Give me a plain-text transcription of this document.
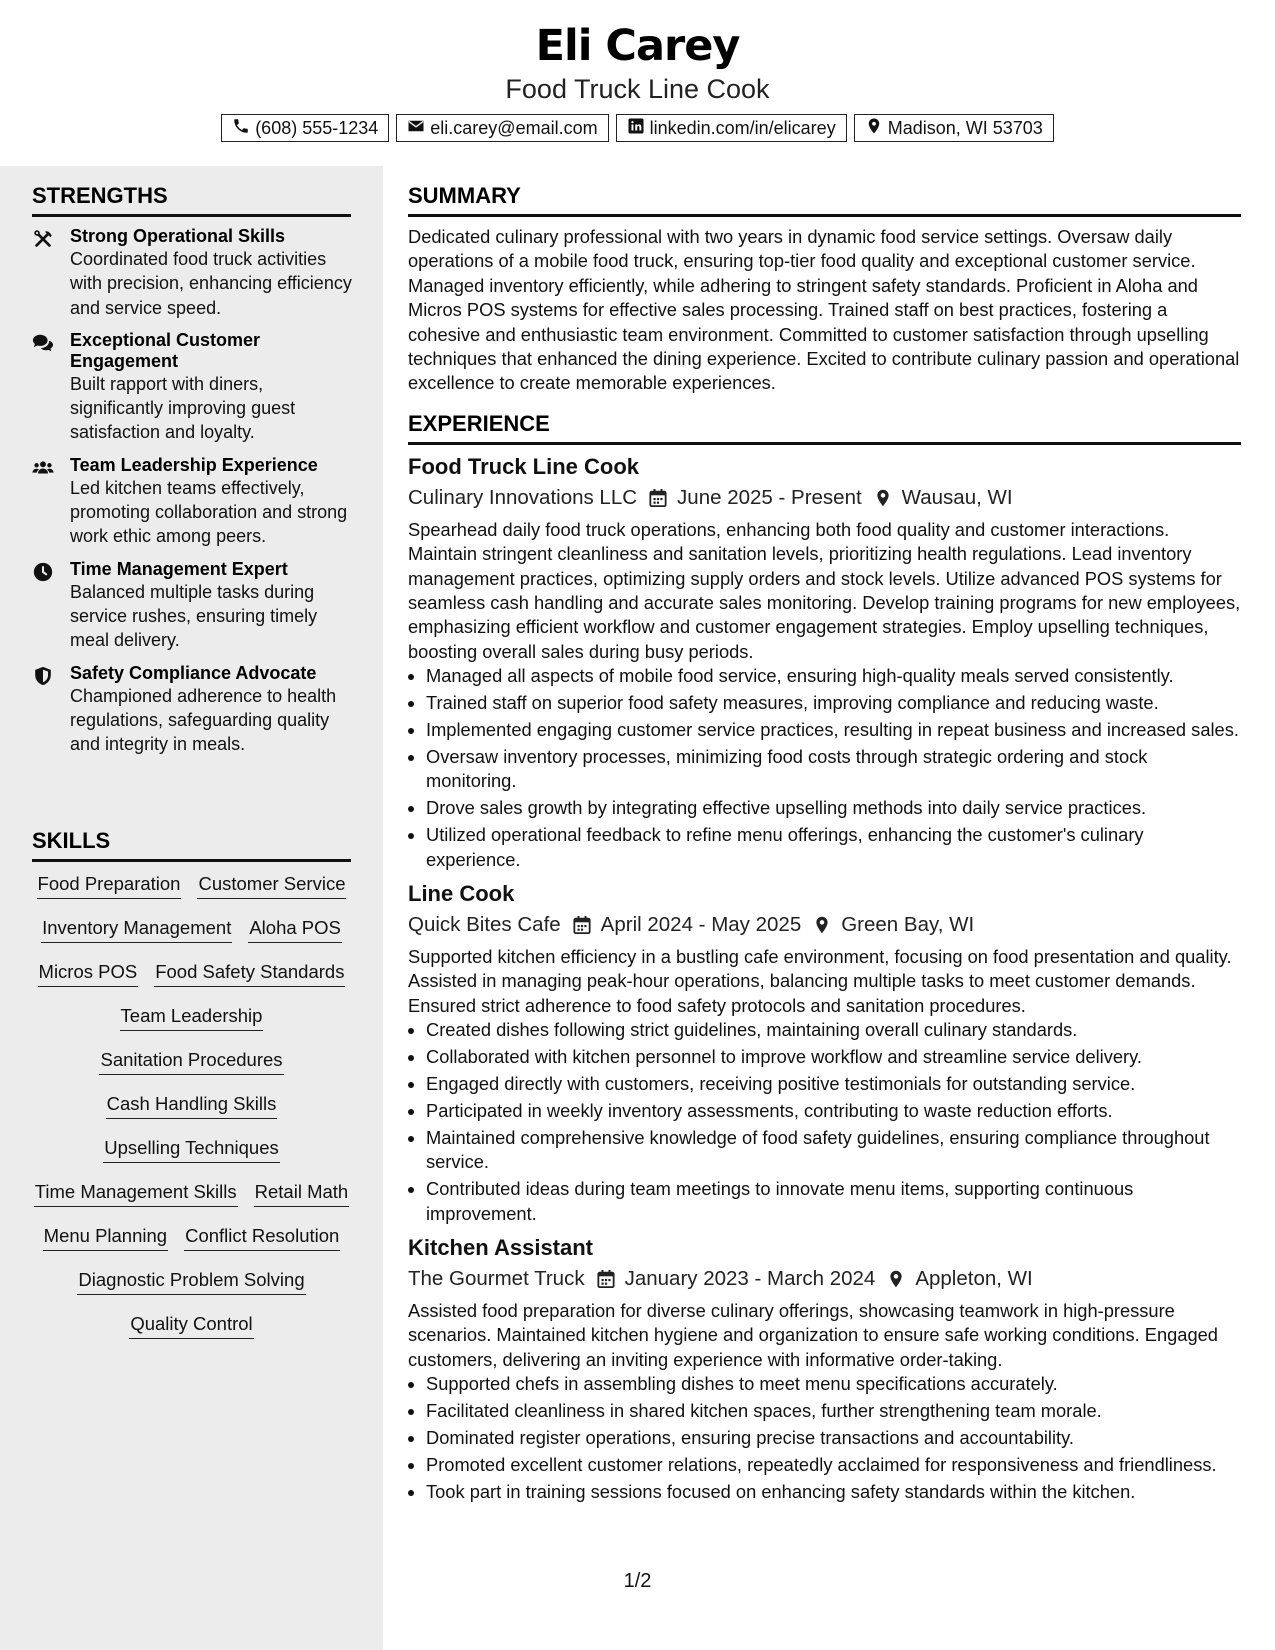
Eli Carey
Food Truck Line Cook
(608) 555-1234	eli.carey@email.com	linkedin.com/in/elicarey	Madison, WI 53703
STRENGTHS
Strong Operational Skills
Coordinated food truck activities with precision, enhancing efficiency and service speed.
Exceptional Customer Engagement
Built rapport with diners, significantly improving guest satisfaction and loyalty.
Team Leadership Experience
Led kitchen teams effectively, promoting collaboration and strong work ethic among peers.
Time Management Expert
Balanced multiple tasks during service rushes, ensuring timely meal delivery.
Safety Compliance Advocate
Championed adherence to health regulations, safeguarding quality and integrity in meals.
SKILLS
Food Preparation Customer Service
Inventory Management Aloha POS
Micros POS Food Safety Standards
Team Leadership
Sanitation Procedures
Cash Handling Skills
Upselling Techniques
Time Management Skills Retail Math
Menu Planning Conflict Resolution
Diagnostic Problem Solving
Quality Control
SUMMARY

Dedicated culinary professional with two years in dynamic food service settings. Oversaw daily operations of a mobile food truck, ensuring top-tier food quality and exceptional customer service. Managed inventory efficiently, while adhering to stringent safety standards. Proficient in Aloha and Micros POS systems for effective sales processing. Trained staff on best practices, fostering a cohesive and enthusiastic team environment. Committed to customer satisfaction through upselling techniques that enhanced the dining experience. Excited to contribute culinary passion and operational excellence to create memorable experiences.

EXPERIENCE
Food Truck Line Cook
Culinary Innovations LLC June 2025 - Present Wausau, WI

Spearhead daily food truck operations, enhancing both food quality and customer interactions. Maintain stringent cleanliness and sanitation levels, prioritizing health regulations. Lead inventory management practices, optimizing supply orders and stock levels. Utilize advanced POS systems for seamless cash handling and accurate sales monitoring. Develop training programs for new employees, emphasizing efficient workflow and customer engagement strategies. Employ upselling techniques, boosting overall sales during busy periods.

• Managed all aspects of mobile food service, ensuring high-quality meals served consistently.
• Trained staff on superior food safety measures, improving compliance and reducing waste.
• Implemented engaging customer service practices, resulting in repeat business and increased sales.
• Oversaw inventory processes, minimizing food costs through strategic ordering and stock monitoring.
• Drove sales growth by integrating effective upselling methods into daily service practices.
• Utilized operational feedback to refine menu offerings, enhancing the customer's culinary experience.
Line Cook
Quick Bites Cafe April 2024 - May 2025 Green Bay, WI

Supported kitchen efficiency in a bustling cafe environment, focusing on food presentation and quality. Assisted in managing peak-hour operations, balancing multiple tasks to meet customer demands. Ensured strict adherence to food safety protocols and sanitation procedures.

• Created dishes following strict guidelines, maintaining overall culinary standards.
• Collaborated with kitchen personnel to improve workflow and streamline service delivery.
• Engaged directly with customers, receiving positive testimonials for outstanding service.
• Participated in weekly inventory assessments, contributing to waste reduction efforts.
• Maintained comprehensive knowledge of food safety guidelines, ensuring compliance throughout service.
• Contributed ideas during team meetings to innovate menu items, supporting continuous improvement.
Kitchen Assistant
The Gourmet Truck January 2023 - March 2024 Appleton, WI

Assisted food preparation for diverse culinary offerings, showcasing teamwork in high-pressure scenarios. Maintained kitchen hygiene and organization to ensure safe working conditions. Engaged customers, delivering an inviting experience with informative order-taking.

• Supported chefs in assembling dishes to meet menu specifications accurately.
• Facilitated cleanliness in shared kitchen spaces, further strengthening team morale.
• Dominated register operations, ensuring precise transactions and accountability.
• Promoted excellent customer relations, repeatedly acclaimed for responsiveness and friendliness.
• Took part in training sessions focused on enhancing safety standards within the kitchen.
1/2
